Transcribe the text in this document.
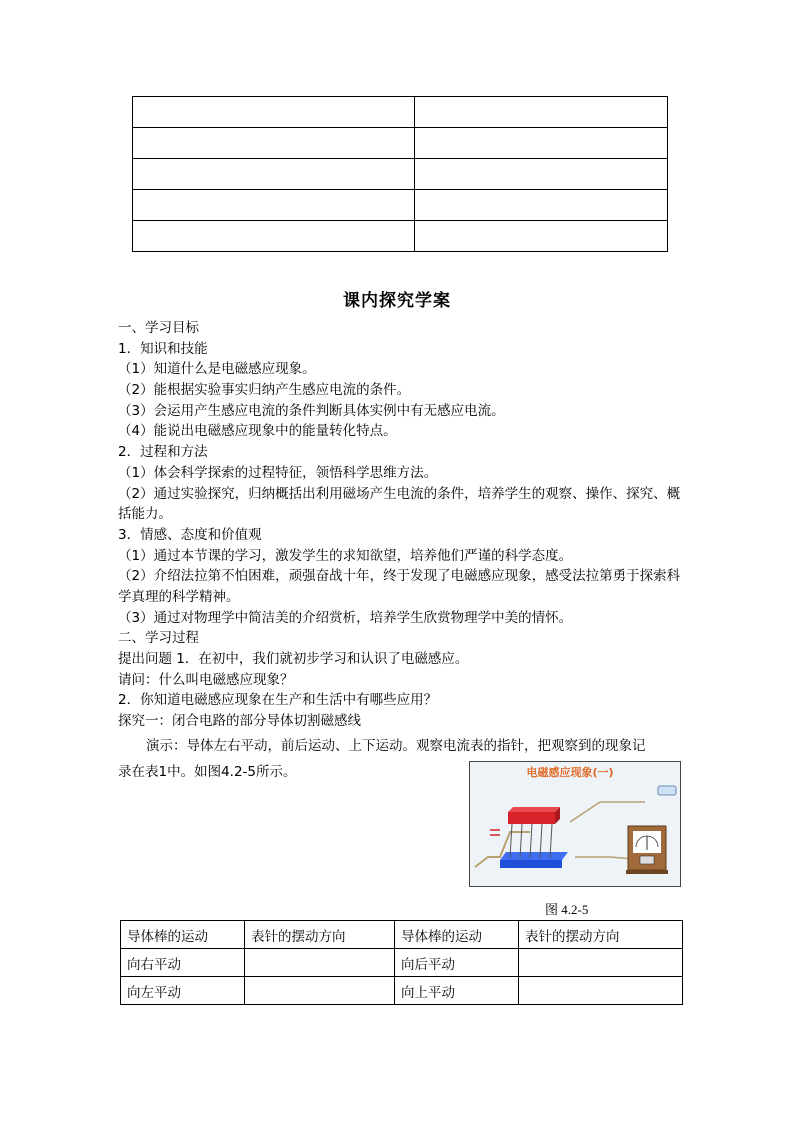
课内探究学案
一、学习目标
1．知识和技能
（1）知道什么是电磁感应现象。
（2）能根据实验事实归纳产生感应电流的条件。
（3）会运用产生感应电流的条件判断具体实例中有无感应电流。
（4）能说出电磁感应现象中的能量转化特点。
2．过程和方法
（1）体会科学探索的过程特征，领悟科学思维方法。
（2）通过实验探究，归纳概括出利用磁场产生电流的条件，培养学生的观察、操作、探究、概括能力。
3．情感、态度和价值观
（1）通过本节课的学习，激发学生的求知欲望，培养他们严谨的科学态度。
（2）介绍法拉第不怕困难，顽强奋战十年，终于发现了电磁感应现象，感受法拉第勇于探索科学真理的科学精神。
（3）通过对物理学中简洁美的介绍赏析，培养学生欣赏物理学中美的情怀。
二、学习过程
提出问题 1．在初中，我们就初步学习和认识了电磁感应。
请问：什么叫电磁感应现象？
2．你知道电磁感应现象在生产和生活中有哪些应用？
探究一：闭合电路的部分导体切割磁感线
演示：导体左右平动，前后运动、上下运动。观察电流表的指针，把观察到的现象记
录在表1中。如图4.2-5所示。	电磁感应现象(一)
图 4.2-5
导体棒的运动	表针的摆动方向	导体棒的运动	表针的摆动方向
向右平动		向后平动	
向左平动		向上平动	
